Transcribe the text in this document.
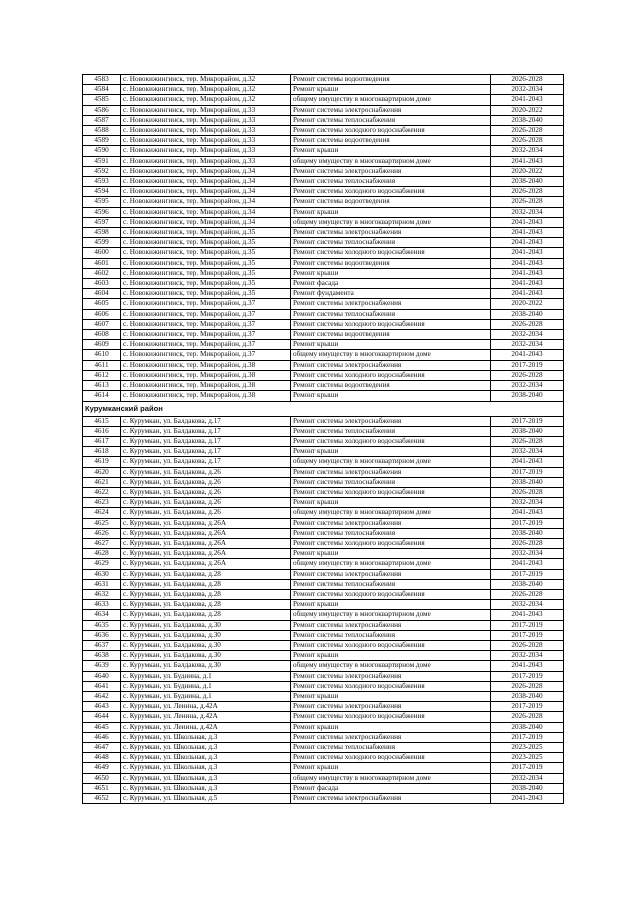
4583	с. Новокижингинск, тер. Микрорайон, д.32	Ремонт системы водоотведения	2026-2028
4584	с. Новокижингинск, тер. Микрорайон, д.32	Ремонт крыши	2032-2034
4585	с. Новокижингинск, тер. Микрорайон, д.32	общему имуществу в многоквартирном доме	2041-2043
4586	с. Новокижингинск, тер. Микрорайон, д.33	Ремонт системы электроснабжения	2020-2022
4587	с. Новокижингинск, тер. Микрорайон, д.33	Ремонт системы теплоснабжения	2038-2040
4588	с. Новокижингинск, тер. Микрорайон, д.33	Ремонт системы холодного водоснабжения	2026-2028
4589	с. Новокижингинск, тер. Микрорайон, д.33	Ремонт системы водоотведения	2026-2028
4590	с. Новокижингинск, тер. Микрорайон, д.33	Ремонт крыши	2032-2034
4591	с. Новокижингинск, тер. Микрорайон, д.33	общему имуществу в многоквартирном доме	2041-2043
4592	с. Новокижингинск, тер. Микрорайон, д.34	Ремонт системы электроснабжения	2020-2022
4593	с. Новокижингинск, тер. Микрорайон, д.34	Ремонт системы теплоснабжения	2038-2040
4594	с. Новокижингинск, тер. Микрорайон, д.34	Ремонт системы холодного водоснабжения	2026-2028
4595	с. Новокижингинск, тер. Микрорайон, д.34	Ремонт системы водоотведения	2026-2028
4596	с. Новокижингинск, тер. Микрорайон, д.34	Ремонт крыши	2032-2034
4597	с. Новокижингинск, тер. Микрорайон, д.34	общему имуществу в многоквартирном доме	2041-2043
4598	с. Новокижингинск, тер. Микрорайон, д.35	Ремонт системы электроснабжения	2041-2043
4599	с. Новокижингинск, тер. Микрорайон, д.35	Ремонт системы теплоснабжения	2041-2043
4600	с. Новокижингинск, тер. Микрорайон, д.35	Ремонт системы холодного водоснабжения	2041-2043
4601	с. Новокижингинск, тер. Микрорайон, д.35	Ремонт системы водоотведения	2041-2043
4602	с. Новокижингинск, тер. Микрорайон, д.35	Ремонт крыши	2041-2043
4603	с. Новокижингинск, тер. Микрорайон, д.35	Ремонт фасада	2041-2043
4604	с. Новокижингинск, тер. Микрорайон, д.35	Ремонт фундамента	2041-2043
4605	с. Новокижингинск, тер. Микрорайон, д.37	Ремонт системы электроснабжения	2020-2022
4606	с. Новокижингинск, тер. Микрорайон, д.37	Ремонт системы теплоснабжения	2038-2040
4607	с. Новокижингинск, тер. Микрорайон, д.37	Ремонт системы холодного водоснабжения	2026-2028
4608	с. Новокижингинск, тер. Микрорайон, д.37	Ремонт системы водоотведения	2032-2034
4609	с. Новокижингинск, тер. Микрорайон, д.37	Ремонт крыши	2032-2034
4610	с. Новокижингинск, тер. Микрорайон, д.37	общему имуществу в многоквартирном доме	2041-2043
4611	с. Новокижингинск, тер. Микрорайон, д.38	Ремонт системы электроснабжения	2017-2019
4612	с. Новокижингинск, тер. Микрорайон, д.38	Ремонт системы холодного водоснабжения	2026-2028
4613	с. Новокижингинск, тер. Микрорайон, д.38	Ремонт системы водоотведения	2032-2034
4614	с. Новокижингинск, тер. Микрорайон, д.38	Ремонт крыши	2038-2040
Курумканский район			
4615	с. Курумкан, ул. Балдакова, д.17	Ремонт системы электроснабжения	2017-2019
4616	с. Курумкан, ул. Балдакова, д.17	Ремонт системы теплоснабжения	2038-2040
4617	с. Курумкан, ул. Балдакова, д.17	Ремонт системы холодного водоснабжения	2026-2028
4618	с. Курумкан, ул. Балдакова, д.17	Ремонт крыши	2032-2034
4619	с. Курумкан, ул. Балдакова, д.17	общему имуществу в многоквартирном доме	2041-2043
4620	с. Курумкан, ул. Балдакова, д.26	Ремонт системы электроснабжения	2017-2019
4621	с. Курумкан, ул. Балдакова, д.26	Ремонт системы теплоснабжения	2038-2040
4622	с. Курумкан, ул. Балдакова, д.26	Ремонт системы холодного водоснабжения	2026-2028
4623	с. Курумкан, ул. Балдакова, д.26	Ремонт крыши	2032-2034
4624	с. Курумкан, ул. Балдакова, д.26	общему имуществу в многоквартирном доме	2041-2043
4625	с. Курумкан, ул. Балдакова, д.26А	Ремонт системы электроснабжения	2017-2019
4626	с. Курумкан, ул. Балдакова, д.26А	Ремонт системы теплоснабжения	2038-2040
4627	с. Курумкан, ул. Балдакова, д.26А	Ремонт системы холодного водоснабжения	2026-2028
4628	с. Курумкан, ул. Балдакова, д.26А	Ремонт крыши	2032-2034
4629	с. Курумкан, ул. Балдакова, д.26А	общему имуществу в многоквартирном доме	2041-2043
4630	с. Курумкан, ул. Балдакова, д.28	Ремонт системы электроснабжения	2017-2019
4631	с. Курумкан, ул. Балдакова, д.28	Ремонт системы теплоснабжения	2038-2040
4632	с. Курумкан, ул. Балдакова, д.28	Ремонт системы холодного водоснабжения	2026-2028
4633	с. Курумкан, ул. Балдакова, д.28	Ремонт крыши	2032-2034
4634	с. Курумкан, ул. Балдакова, д.28	общему имуществу в многоквартирном доме	2041-2043
4635	с. Курумкан, ул. Балдакова, д.30	Ремонт системы электроснабжения	2017-2019
4636	с. Курумкан, ул. Балдакова, д.30	Ремонт системы теплоснабжения	2017-2019
4637	с. Курумкан, ул. Балдакова, д.30	Ремонт системы холодного водоснабжения	2026-2028
4638	с. Курумкан, ул. Балдакова, д.30	Ремонт крыши	2032-2034
4639	с. Курумкан, ул. Балдакова, д.30	общему имуществу в многоквартирном доме	2041-2043
4640	с. Курумкан, ул. Буднина, д.1	Ремонт системы электроснабжения	2017-2019
4641	с. Курумкан, ул. Буднина, д.1	Ремонт системы холодного водоснабжения	2026-2028
4642	с. Курумкан, ул. Буднина, д.1	Ремонт крыши	2038-2040
4643	с. Курумкан, ул. Ленина, д.42А	Ремонт системы электроснабжения	2017-2019
4644	с. Курумкан, ул. Ленина, д.42А	Ремонт системы холодного водоснабжения	2026-2028
4645	с. Курумкан, ул. Ленина, д.42А	Ремонт крыши	2038-2040
4646	с. Курумкан, ул. Школьная, д.3	Ремонт системы электроснабжения	2017-2019
4647	с. Курумкан, ул. Школьная, д.3	Ремонт системы теплоснабжения	2023-2025
4648	с. Курумкан, ул. Школьная, д.3	Ремонт системы холодного водоснабжения	2023-2025
4649	с. Курумкан, ул. Школьная, д.3	Ремонт крыши	2017-2019
4650	с. Курумкан, ул. Школьная, д.3	общему имуществу в многоквартирном доме	2032-2034
4651	с. Курумкан, ул. Школьная, д.3	Ремонт фасада	2038-2040
4652	с. Курумкан, ул. Школьная, д.5	Ремонт системы электроснабжения	2041-2043
